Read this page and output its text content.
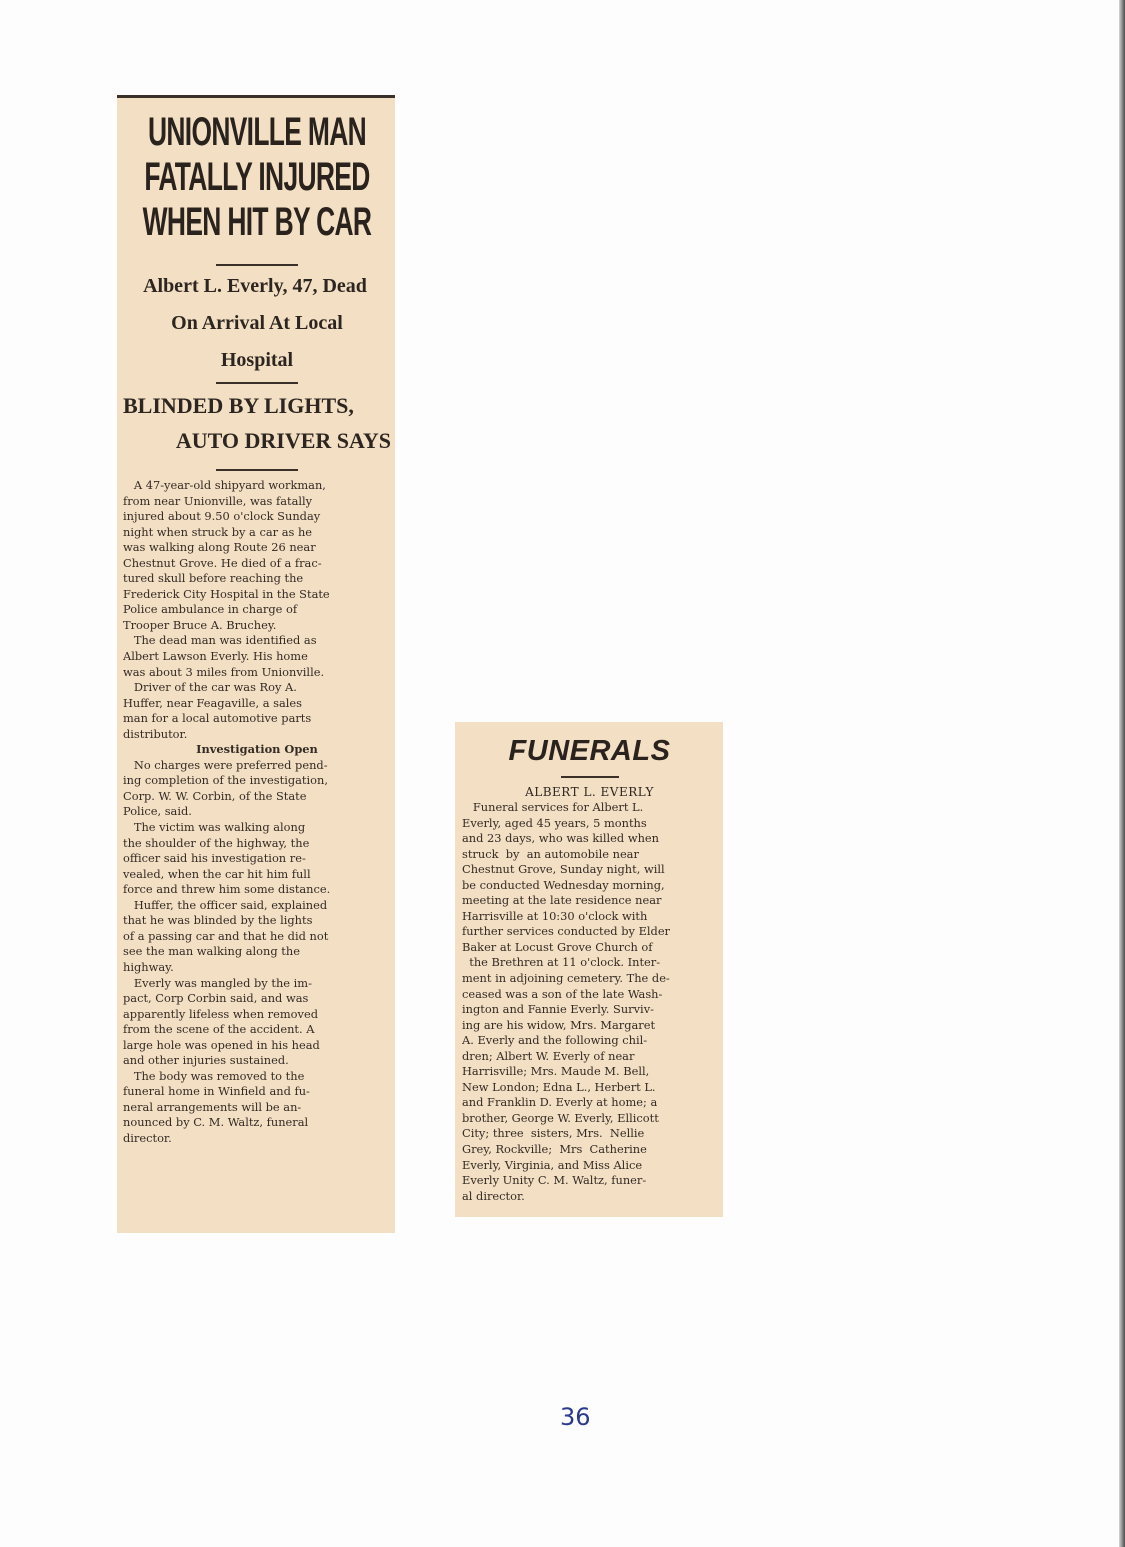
UNIONVILLE MAN
FATALLY INJURED
WHEN HIT BY CAR
Albert L. Everly, 47, Dead
On Arrival At Local
Hospital
BLINDED BY LIGHTS,
AUTO DRIVER SAYS
A 47-year-old shipyard workman,
from near Unionville, was fatally
injured about 9.50 o'clock Sunday
night when struck by a car as he
was walking along Route 26 near
Chestnut Grove. He died of a frac-
tured skull before reaching the
Frederick City Hospital in the State
Police ambulance in charge of
Trooper Bruce A. Bruchey.
The dead man was identified as
Albert Lawson Everly. His home
was about 3 miles from Unionville.
Driver of the car was Roy A.
Huffer, near Feagaville, a sales
man for a local automotive parts
distributor.
Investigation Open
No charges were preferred pend-
ing completion of the investigation,
Corp. W. W. Corbin, of the State
Police, said.
The victim was walking along
the shoulder of the highway, the
officer said his investigation re-
vealed, when the car hit him full
force and threw him some distance.
Huffer, the officer said, explained
that he was blinded by the lights
of a passing car and that he did not
see the man walking along the
highway.
Everly was mangled by the im-
pact, Corp Corbin said, and was
apparently lifeless when removed
from the scene of the accident. A
large hole was opened in his head
and other injuries sustained.
The body was removed to the
funeral home in Winfield and fu-
neral arrangements will be an-
nounced by C. M. Waltz, funeral
director.
FUNERALS
ALBERT L. EVERLY
Funeral services for Albert L.
Everly, aged 45 years, 5 months
and 23 days, who was killed when
struck  by  an automobile near
Chestnut Grove, Sunday night, will
be conducted Wednesday morning,
meeting at the late residence near
Harrisville at 10:30 o'clock with
further services conducted by Elder
Baker at Locust Grove Church of
the Brethren at 11 o'clock. Inter-
ment in adjoining cemetery. The de-
ceased was a son of the late Wash-
ington and Fannie Everly. Surviv-
ing are his widow, Mrs. Margaret
A. Everly and the following chil-
dren; Albert W. Everly of near
Harrisville; Mrs. Maude M. Bell,
New London; Edna L., Herbert L.
and Franklin D. Everly at home; a
brother, George W. Everly, Ellicott
City; three  sisters, Mrs.  Nellie
Grey, Rockville;  Mrs  Catherine
Everly, Virginia, and Miss Alice
Everly Unity C. M. Waltz, funer-
al director.
36
